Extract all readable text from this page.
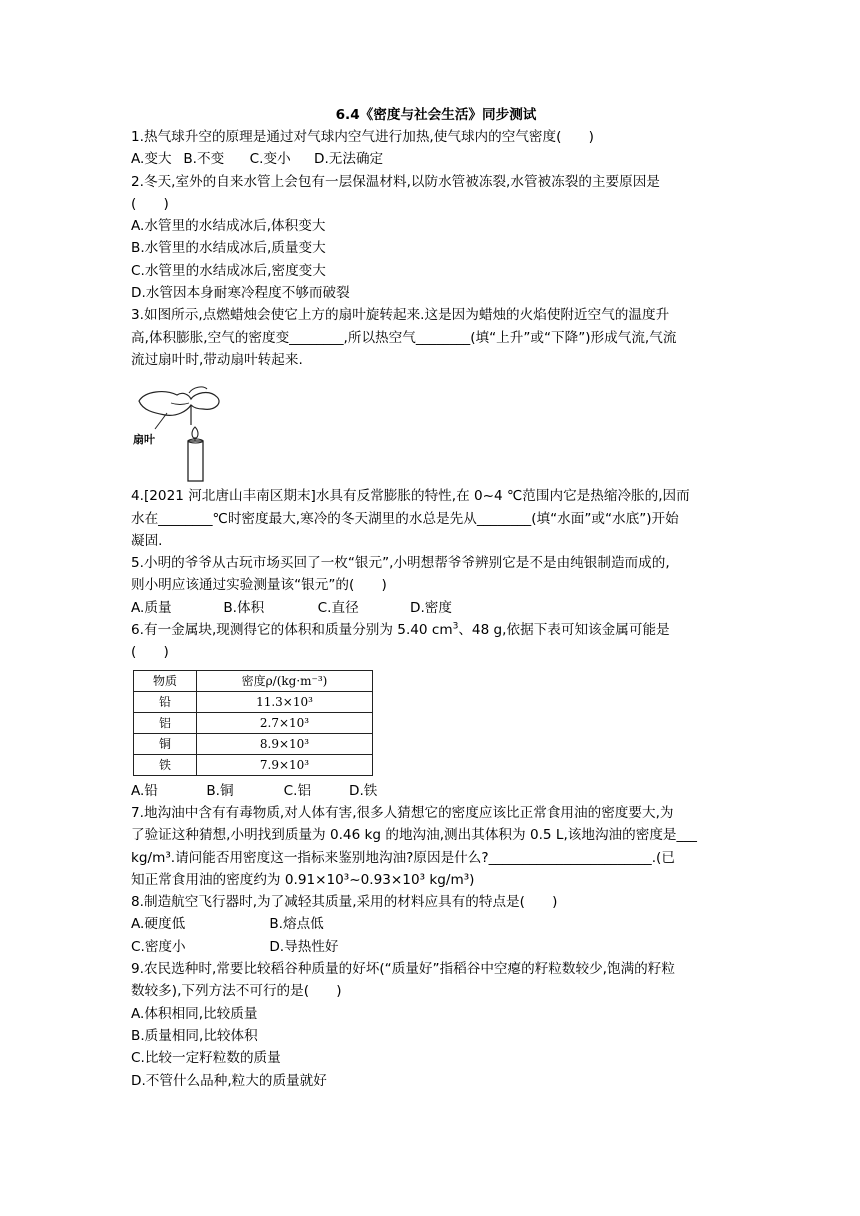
6.4《密度与社会生活》同步测试
1.热气球升空的原理是通过对气球内空气进行加热,使气球内的空气密度(　　)
A.变大 B.不变 C.变小 D.无法确定
2.冬天,室外的自来水管上会包有一层保温材料,以防水管被冻裂,水管被冻裂的主要原因是
(　　)
A.水管里的水结成冰后,体积变大
B.水管里的水结成冰后,质量变大
C.水管里的水结成冰后,密度变大
D.水管因本身耐寒冷程度不够而破裂
3.如图所示,点燃蜡烛会使它上方的扇叶旋转起来.这是因为蜡烛的火焰使附近空气的温度升
高,体积膨胀,空气的密度变________,所以热空气________(填“上升”或“下降”)形成气流,气流
流过扇叶时,带动扇叶转起来.
扇叶
4.[2021 河北唐山丰南区期末]水具有反常膨胀的特性,在 0~4 ℃范围内它是热缩冷胀的,因而
水在________℃时密度最大,寒冷的冬天湖里的水总是先从________(填“水面”或“水底”)开始
凝固.
5.小明的爷爷从古玩市场买回了一枚“银元”,小明想帮爷爷辨别它是不是由纯银制造而成的,
则小明应该通过实验测量该“银元”的(　　)
A.质量	B.体积	C.直径	D.密度
6.有一金属块,现测得它的体积和质量分别为 5.40 $cm^3$、48 g,依据下表可知该金属可能是
(　　)
物质	密度ρ/(kg·m⁻³)
铅	11.3×10³
铝	2.7×10³
铜	8.9×10³
铁	7.9×10³
A.铅	B.铜	C.铝	D.铁
7.地沟油中含有有毒物质,对人体有害,很多人猜想它的密度应该比正常食用油的密度要大,为
了验证这种猜想,小明找到质量为 0.46 kg 的地沟油,测出其体积为 0.5 L,该地沟油的密度是___
kg/m³.请问能否用密度这一指标来鉴别地沟油?原因是什么?________________________.(已
知正常食用油的密度约为 0.91×10³~0.93×10³ kg/m³)
8.制造航空飞行器时,为了减轻其质量,采用的材料应具有的特点是(　　)
A.硬度低	B.熔点低
C.密度小	D.导热性好
9.农民选种时,常要比较稻谷种质量的好坏(“质量好”指稻谷中空瘪的籽粒数较少,饱满的籽粒
数较多),下列方法不可行的是(　　)
A.体积相同,比较质量
B.质量相同,比较体积
C.比较一定籽粒数的质量
D.不管什么品种,粒大的质量就好
